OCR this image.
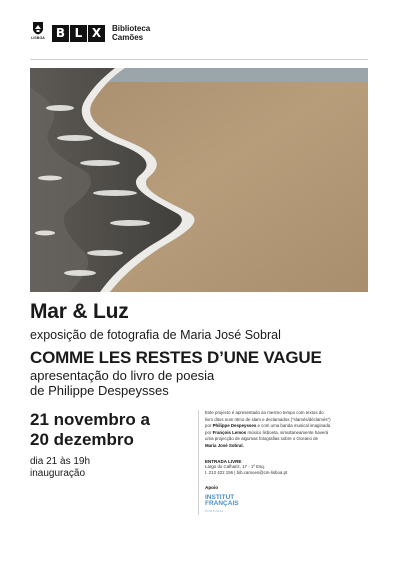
LISBOA B L X	Biblioteca
Camões
Mar & Luz
exposição de fotografia de Maria José Sobral
COMME LES RESTES D’UNE VAGUE
apresentação do livro de poesia
de Philippe Despeysses
21 novembro a
20 dezembro
dia 21 às 19h
inauguração
Este projecto é apresentado ao mesmo tempo com textos do
livro ditos num ritmo de slam e declamados ("slamés/déclamés")
por Philippe Despeysses e com uma banda musical imaginada
por François Lemos músico lisboeta, simultaneamente haverá
uma projecção de algumas fotografias sobre o Oceano de
Maria José Sobral.
ENTRADA LIVRE
Largo do Calhariz, 17 - 1º Esq.
t. 213 422 156 | bib.camoes@cm-lisboa.pt
Apoio
INSTITUT
FRANÇAIS
PORTUGAL
